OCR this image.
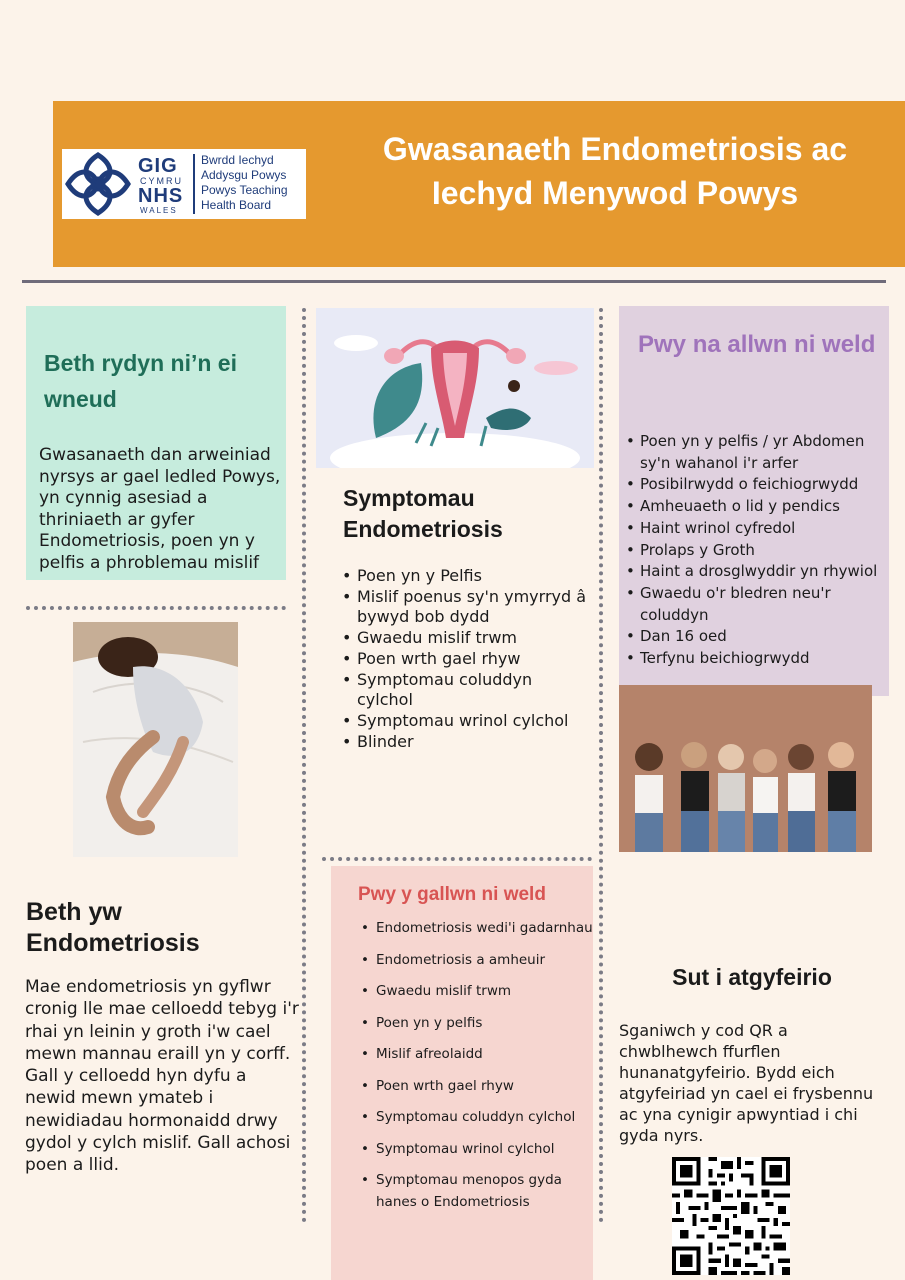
GIG
CYMRU
NHS
WALES
Bwrdd Iechyd
Addysgu Powys
Powys Teaching
Health Board
Gwasanaeth Endometriosis ac Iechyd Menywod Powys
Beth rydyn ni’n ei wneud

Gwasanaeth dan arweiniad nyrsys ar gael ledled Powys, yn cynnig asesiad a thriniaeth ar gyfer Endometriosis, poen yn y pelfis a phroblemau mislif

Beth yw
Endometriosis

Mae endometriosis yn gyflwr cronig lle mae celloedd tebyg i'r rhai yn leinin y groth i'w cael mewn mannau eraill yn y corff. Gall y celloedd hyn dyfu a newid mewn ymateb i newidiadau hormonaidd drwy gydol y cylch mislif. Gall achosi poen a llid.

Symptomau Endometriosis
• Poen yn y Pelfis
• Mislif poenus sy'n ymyrryd â bywyd bob dydd
• Gwaedu mislif trwm
• Poen wrth gael rhyw
• Symptomau coluddyn cylchol
• Symptomau wrinol cylchol
• Blinder
Pwy y gallwn ni weld
• Endometriosis wedi'i gadarnhau
• Endometriosis a amheuir
• Gwaedu mislif trwm
• Poen yn y pelfis
• Mislif afreolaidd
• Poen wrth gael rhyw
• Symptomau coluddyn cylchol
• Symptomau wrinol cylchol
• Symptomau menopos gyda hanes o Endometriosis
Pwy na allwn ni weld
• Poen yn y pelfis / yr Abdomen sy'n wahanol i'r arfer
• Posibilrwydd o feichiogrwydd
• Amheuaeth o lid y pendics
• Haint wrinol cyfredol
• Prolaps y Groth
• Haint a drosglwyddir yn rhywiol
• Gwaedu o'r bledren neu'r coluddyn
• Dan 16 oed
• Terfynu beichiogrwydd
Sut i atgyfeirio

Sganiwch y cod QR a chwblhewch ffurflen hunanatgyfeirio. Bydd eich atgyfeiriad yn cael ei frysbennu ac yna cynigir apwyntiad i chi gyda nyrs.
